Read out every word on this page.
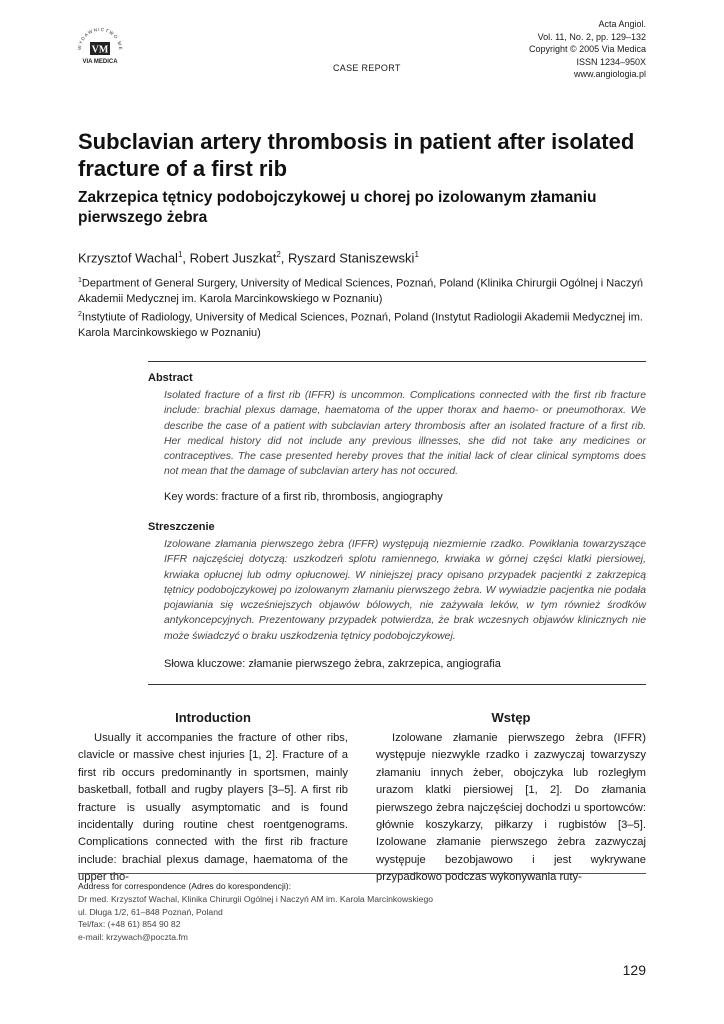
WYDAWNICTWO ME
VM
VIA MEDICA
CASE REPORT
Acta Angiol.
Vol. 11, No. 2, pp. 129–132
Copyright © 2005 Via Medica
ISSN 1234–950X
www.angiologia.pl
Subclavian artery thrombosis in patient after isolated fracture of a first rib
Zakrzepica tętnicy podobojczykowej u chorej po izolowanym złamaniu pierwszego żebra
Krzysztof Wachal$^1$, Robert Juszkat$^2$, Ryszard Staniszewski$^1$
$^1$Department of General Surgery, University of Medical Sciences, Poznań, Poland (Klinika Chirurgii Ogólnej i Naczyń Akademii Medycznej im. Karola Marcinkowskiego w Poznaniu)
$^2$Instytiute of Radiology, University of Medical Sciences, Poznań, Poland (Instytut Radiologii Akademii Medycznej im. Karola Marcinkowskiego w Poznaniu)
Abstract
Isolated fracture of a first rib (IFFR) is uncommon. Complications connected with the first rib fracture include: brachial plexus damage, haematoma of the upper thorax and haemo- or pneumothorax. We describe the case of a patient with subclavian artery thrombosis after an isolated fracture of a first rib. Her medical history did not include any previous illnesses, she did not take any medicines or contraceptives. The case presented hereby proves that the initial lack of clear clinical symptoms does not mean that the damage of subclavian artery has not occured.
Key words: fracture of a first rib, thrombosis, angiography
Streszczenie
Izolowane złamania pierwszego żebra (IFFR) występują niezmiernie rzadko. Powikłania towarzyszące IFFR najczęściej dotyczą: uszkodzeń splotu ramiennego, krwiaka w górnej części klatki piersiowej, krwiaka opłucnej lub odmy opłucnowej. W niniejszej pracy opisano przypadek pacjentki z zakrzepicą tętnicy podobojczykowej po izolowanym złamaniu pierwszego żebra. W wywiadzie pacjentka nie podała pojawiania się wcześniejszych objawów bólowych, nie zażywała leków, w tym również środków antykoncepcyjnych. Prezentowany przypadek potwierdza, że brak wczesnych objawów klinicznych nie może świadczyć o braku uszkodzenia tętnicy podobojczykowej.
Słowa kluczowe: złamanie pierwszego żebra, zakrzepica, angiografia
Introduction
Usually it accompanies the fracture of other ribs, clavicle or massive chest injuries [1, 2]. Fracture of a first rib occurs predominantly in sportsmen, mainly basketball, fotball and rugby players [3–5]. A first rib fracture is usually asymptomatic and is found incidentally during routine chest roentgenograms. Complications connected with the first rib fracture include: brachial plexus damage, haematoma of the upper tho-
Wstęp
Izolowane złamanie pierwszego żebra (IFFR) występuje niezwykle rzadko i zazwyczaj towarzyszy złamaniu innych żeber, obojczyka lub rozległym urazom klatki piersiowej [1, 2]. Do złamania pierwszego żebra najczęściej dochodzi u sportowców: głównie koszykarzy, piłkarzy i rugbistów [3–5]. Izolowane złamanie pierwszego żebra zazwyczaj występuje bezobjawowo i jest wykrywane przypadkowo podczas wykonywania ruty-
Address for correspondence (Adres do korespondencji):
Dr med. Krzysztof Wachal, Klinika Chirurgii Ogólnej i Naczyń AM im. Karola Marcinkowskiego
ul. Długa 1/2, 61–848 Poznań, Poland
Tel/fax: (+48 61) 854 90 82
e-mail: krzywach@poczta.fm
129
